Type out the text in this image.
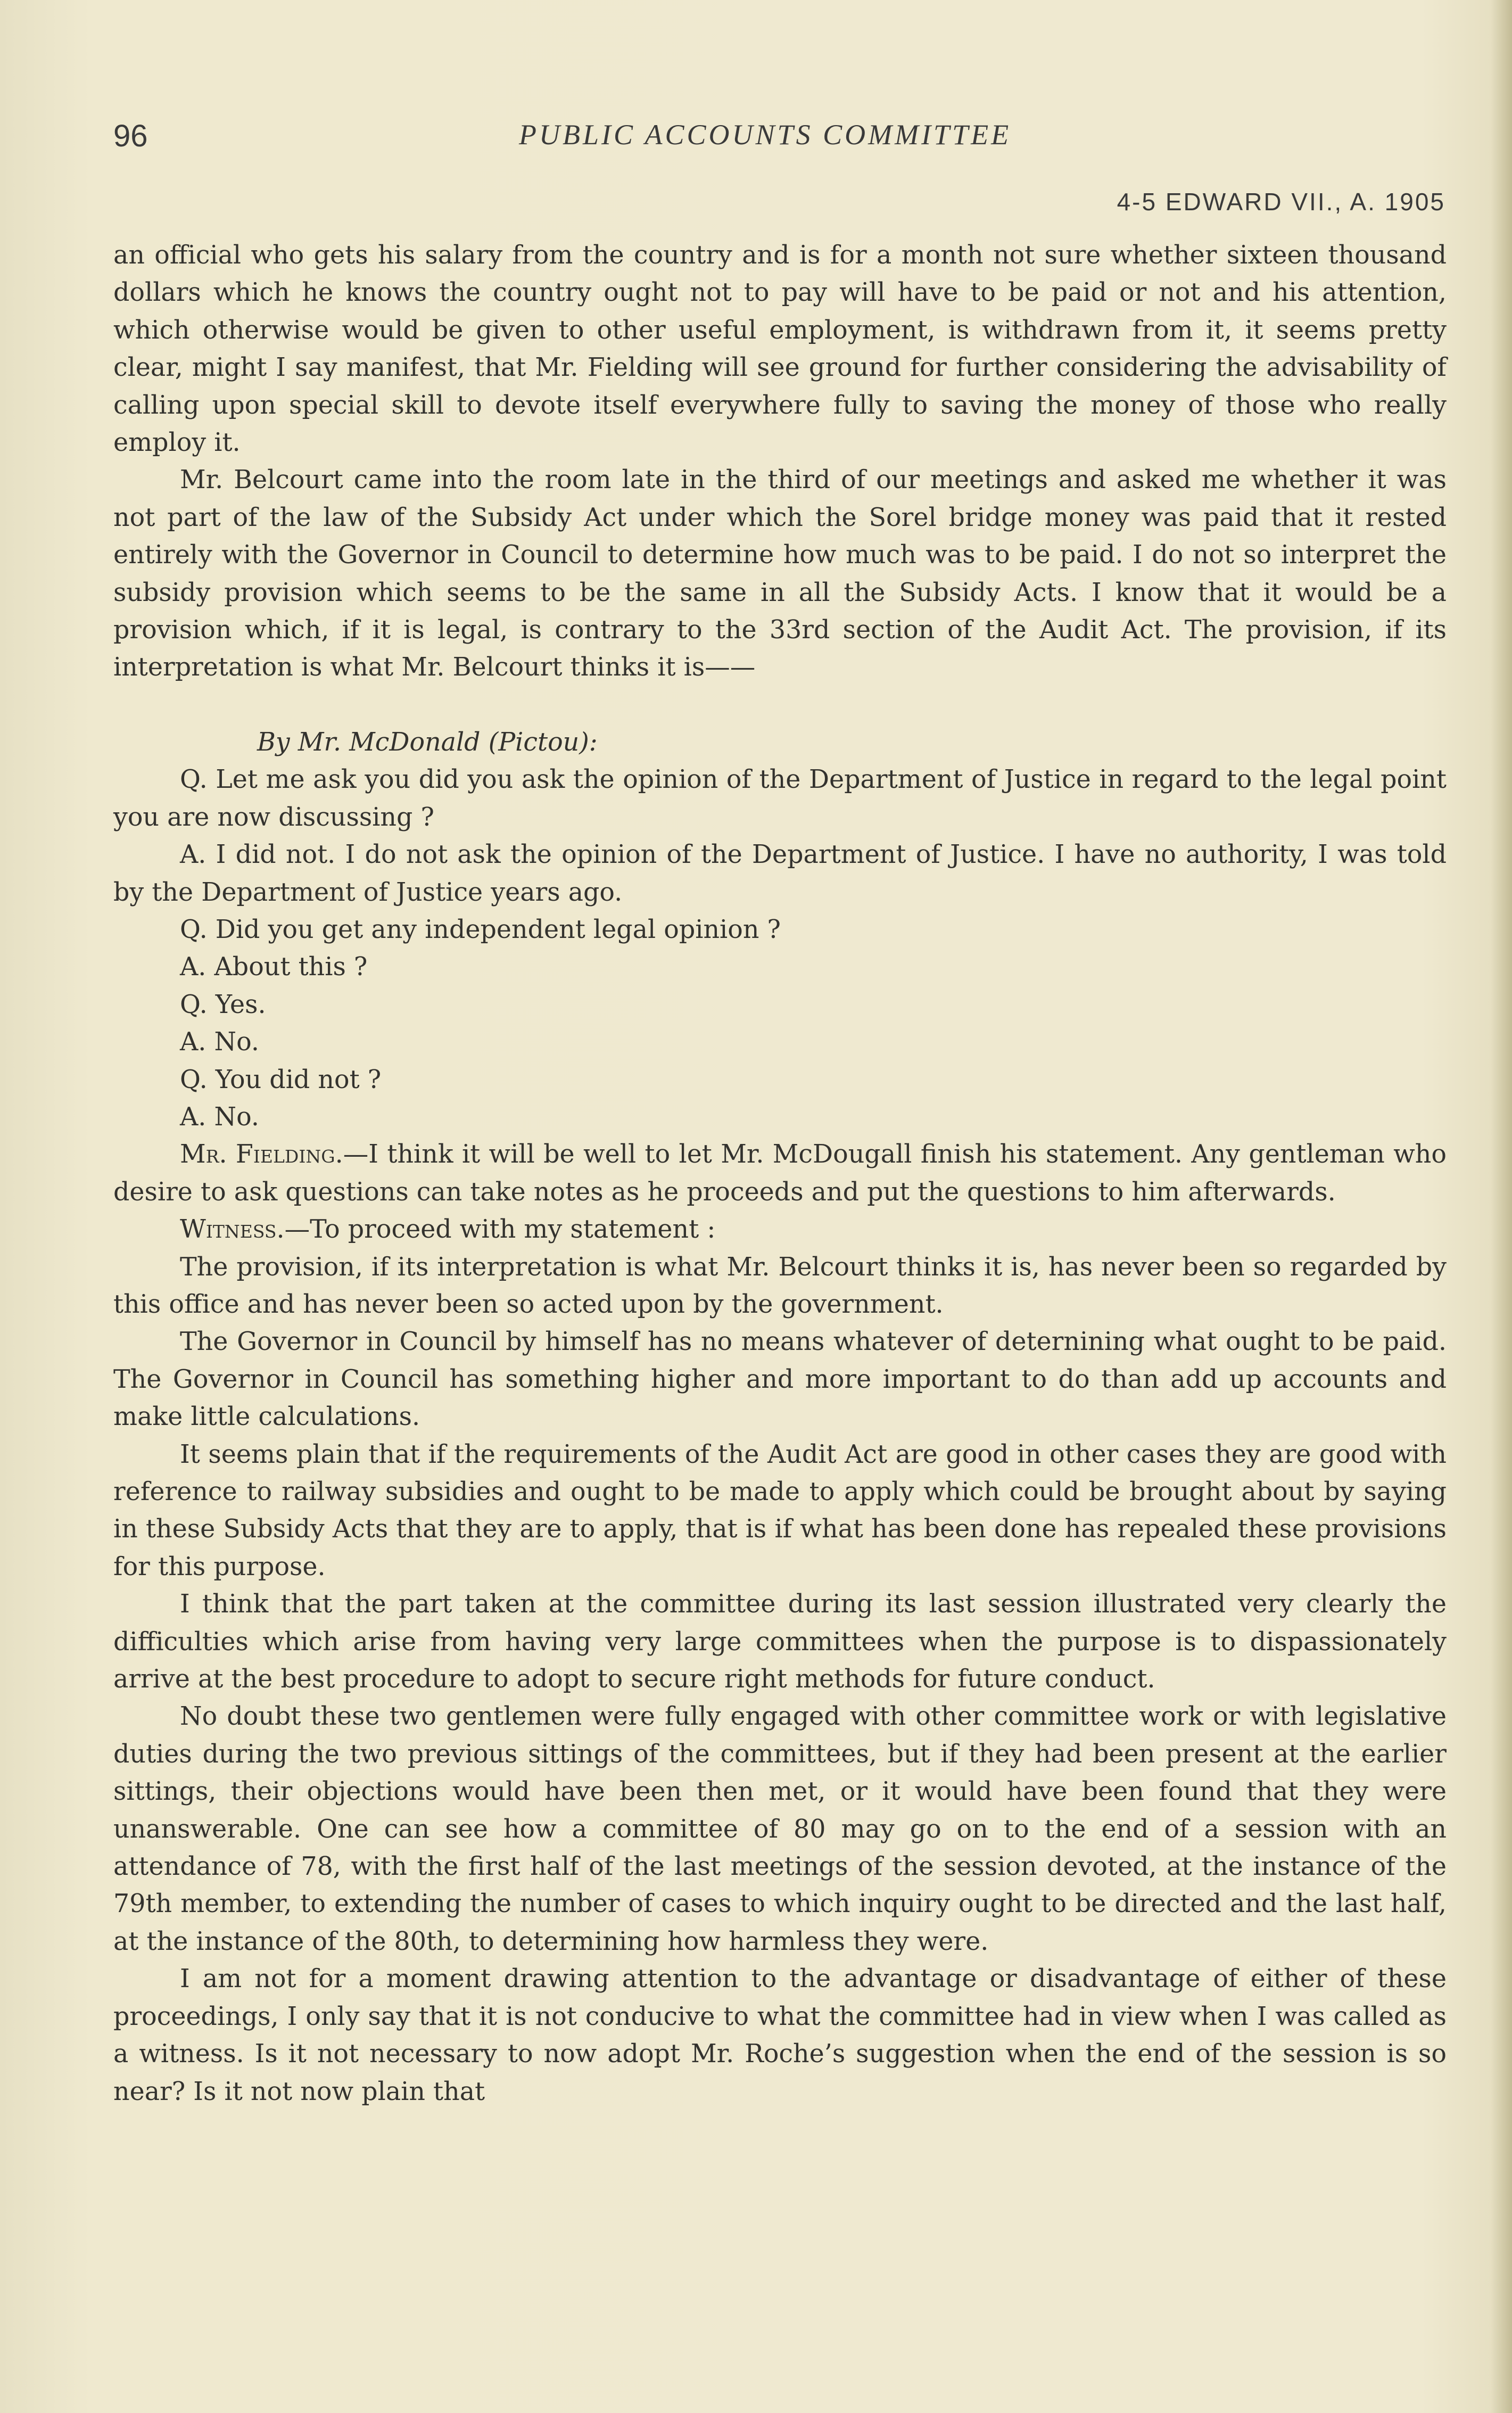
96	PUBLIC ACCOUNTS COMMITTEE

4-5 EDWARD VII., A. 1905

an official who gets his salary from the country and is for a month not sure whether sixteen thousand dollars which he knows the country ought not to pay will have to be paid or not and his attention, which otherwise would be given to other useful employment, is withdrawn from it, it seems pretty clear, might I say manifest, that Mr. Fielding will see ground for further considering the advisability of calling upon special skill to devote itself everywhere fully to saving the money of those who really employ it.

Mr. Belcourt came into the room late in the third of our meetings and asked me whether it was not part of the law of the Subsidy Act under which the Sorel bridge money was paid that it rested entirely with the Governor in Council to determine how much was to be paid. I do not so interpret the subsidy provision which seems to be the same in all the Subsidy Acts. I know that it would be a provision which, if it is legal, is contrary to the 33rd section of the Audit Act. The provision, if its interpretation is what Mr. Belcourt thinks it is——

By Mr. McDonald (Pictou):

Q. Let me ask you did you ask the opinion of the Department of Justice in regard to the legal point you are now discussing ?

A. I did not. I do not ask the opinion of the Department of Justice. I have no authority, I was told by the Department of Justice years ago.

Q. Did you get any independent legal opinion ?

A. About this ?

Q. Yes.

A. No.

Q. You did not ?

A. No.

Mr. Fielding.—I think it will be well to let Mr. McDougall finish his statement. Any gentleman who desire to ask questions can take notes as he proceeds and put the questions to him afterwards.

Witness.—To proceed with my statement :

The provision, if its interpretation is what Mr. Belcourt thinks it is, has never been so regarded by this office and has never been so acted upon by the government.

The Governor in Council by himself has no means whatever of deternining what ought to be paid. The Governor in Council has something higher and more important to do than add up accounts and make little calculations.

It seems plain that if the requirements of the Audit Act are good in other cases they are good with reference to railway subsidies and ought to be made to apply which could be brought about by saying in these Subsidy Acts that they are to apply, that is if what has been done has repealed these provisions for this purpose.

I think that the part taken at the committee during its last session illustrated very clearly the difficulties which arise from having very large committees when the purpose is to dispassionately arrive at the best procedure to adopt to secure right methods for future conduct.

No doubt these two gentlemen were fully engaged with other committee work or with legislative duties during the two previous sittings of the committees, but if they had been present at the earlier sittings, their objections would have been then met, or it would have been found that they were unanswerable. One can see how a committee of 80 may go on to the end of a session with an attendance of 78, with the first half of the last meetings of the session devoted, at the instance of the 79th member, to extending the number of cases to which inquiry ought to be directed and the last half, at the instance of the 80th, to determining how harmless they were.

I am not for a moment drawing attention to the advantage or disadvantage of either of these proceedings, I only say that it is not conducive to what the committee had in view when I was called as a witness. Is it not necessary to now adopt Mr. Roche’s suggestion when the end of the session is so near? Is it not now plain that
